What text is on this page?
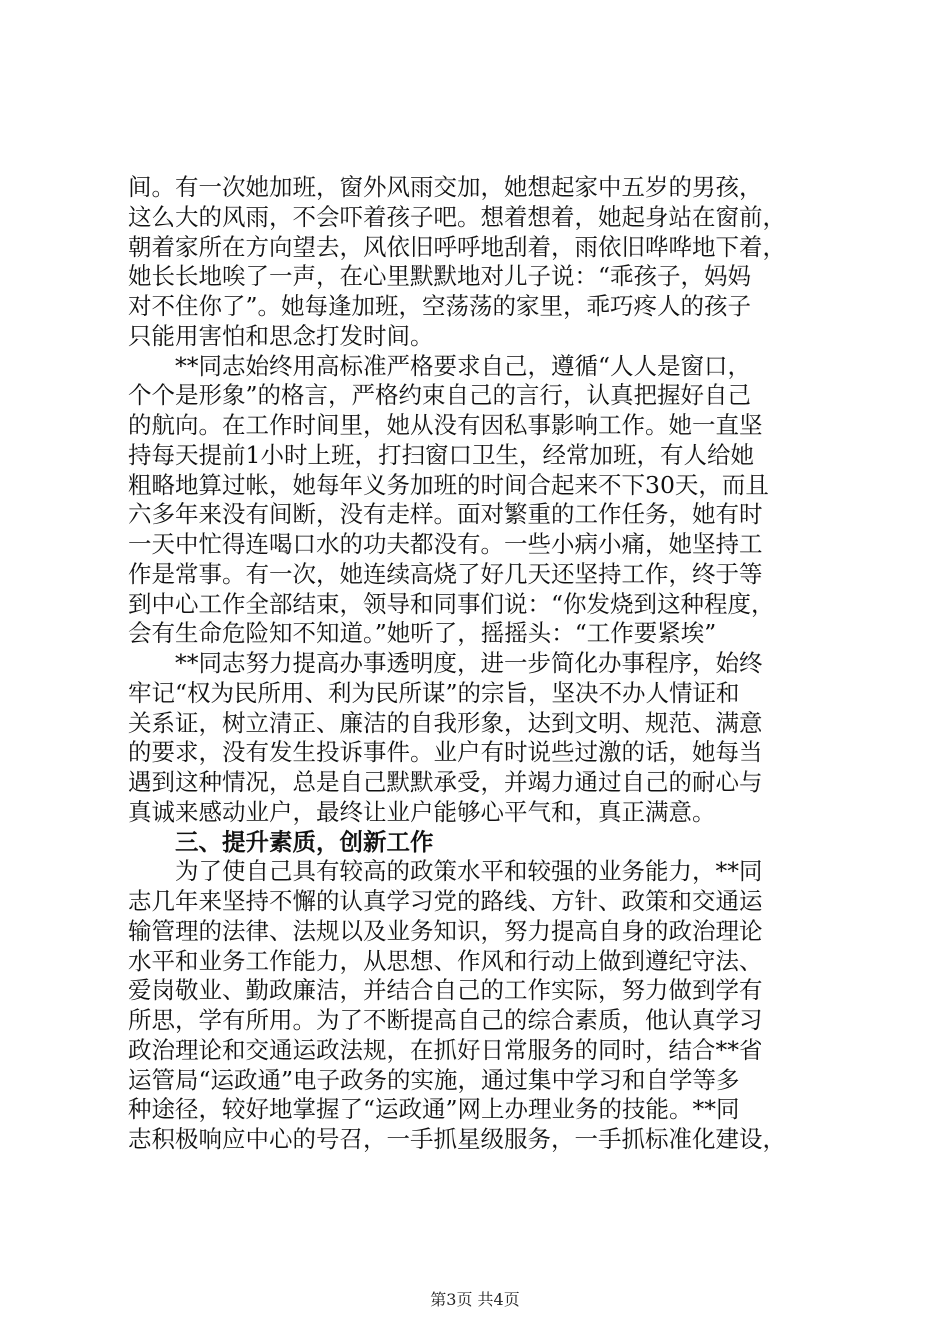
间。有一次她加班，窗外风雨交加，她想起家中五岁的男孩，
这么大的风雨，不会吓着孩子吧。想着想着，她起身站在窗前，
朝着家所在方向望去，风依旧呼呼地刮着，雨依旧哗哗地下着，
她长长地唉了一声，在心里默默地对儿子说：“乖孩子，妈妈
对不住你了”。她每逢加班，空荡荡的家里，乖巧疼人的孩子
只能用害怕和思念打发时间。
　　**同志始终用高标准严格要求自己，遵循“人人是窗口，
个个是形象”的格言，严格约束自己的言行，认真把握好自己
的航向。在工作时间里，她从没有因私事影响工作。她一直坚
持每天提前1小时上班，打扫窗口卫生，经常加班，有人给她
粗略地算过帐，她每年义务加班的时间合起来不下30天，而且
六多年来没有间断，没有走样。面对繁重的工作任务，她有时
一天中忙得连喝口水的功夫都没有。一些小病小痛，她坚持工
作是常事。有一次，她连续高烧了好几天还坚持工作，终于等
到中心工作全部结束，领导和同事们说：“你发烧到这种程度，
会有生命危险知不知道。”她听了，摇摇头：“工作要紧埃”
　　**同志努力提高办事透明度，进一步简化办事程序，始终
牢记“权为民所用、利为民所谋”的宗旨，坚决不办人情证和
关系证，树立清正、廉洁的自我形象，达到文明、规范、满意
的要求，没有发生投诉事件。业户有时说些过激的话，她每当
遇到这种情况，总是自己默默承受，并竭力通过自己的耐心与
真诚来感动业户，最终让业户能够心平气和，真正满意。
　　三、提升素质，创新工作
　　为了使自己具有较高的政策水平和较强的业务能力，**同
志几年来坚持不懈的认真学习党的路线、方针、政策和交通运
输管理的法律、法规以及业务知识，努力提高自身的政治理论
水平和业务工作能力，从思想、作风和行动上做到遵纪守法、
爱岗敬业、勤政廉洁，并结合自己的工作实际，努力做到学有
所思，学有所用。为了不断提高自己的综合素质，他认真学习
政治理论和交通运政法规，在抓好日常服务的同时，结合**省
运管局“运政通”电子政务的实施，通过集中学习和自学等多
种途径，较好地掌握了“运政通”网上办理业务的技能。**同
志积极响应中心的号召，一手抓星级服务，一手抓标准化建设，
第3页 共4页
